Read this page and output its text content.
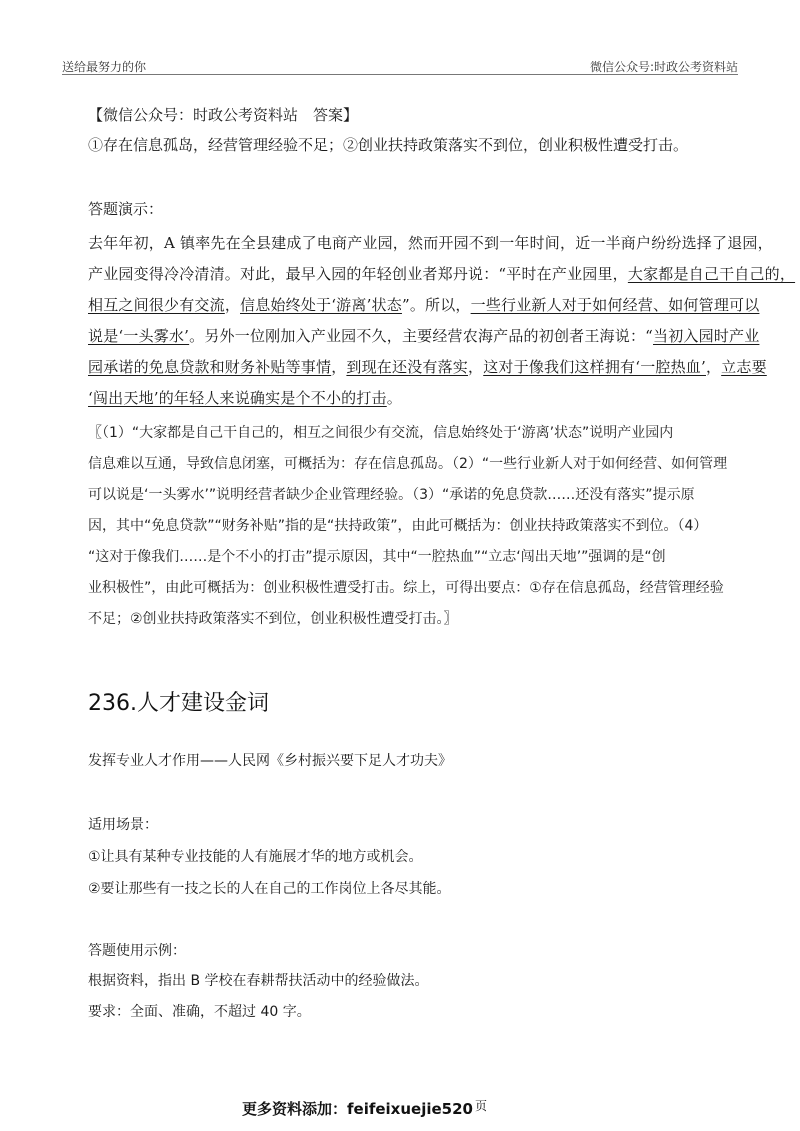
送给最努力的你	微信公众号:时政公考资料站
【微信公众号：时政公考资料站　答案】
①存在信息孤岛，经营管理经验不足；②创业扶持政策落实不到位，创业积极性遭受打击。
答题演示：
去年年初，A 镇率先在全县建成了电商产业园，然而开园不到一年时间，近一半商户纷纷选择了退园，
产业园变得冷冷清清。对此，最早入园的年轻创业者郑丹说：“平时在产业园里，大家都是自己干自己的，
相互之间很少有交流，信息始终处于‘游离’状态”。所以，一些行业新人对于如何经营、如何管理可以
说是‘一头雾水’。另外一位刚加入产业园不久，主要经营农海产品的初创者王海说：“当初入园时产业
园承诺的免息贷款和财务补贴等事情，到现在还没有落实，这对于像我们这样拥有‘一腔热血’，立志要
‘闯出天地’的年轻人来说确实是个不小的打击。
〖（1）“大家都是自己干自己的，相互之间很少有交流，信息始终处于‘游离’状态”说明产业园内
信息难以互通，导致信息闭塞，可概括为：存在信息孤岛。（2）“一些行业新人对于如何经营、如何管理
可以说是‘一头雾水’”说明经营者缺少企业管理经验。（3）“承诺的免息贷款……还没有落实”提示原
因，其中“免息贷款”“财务补贴”指的是“扶持政策”，由此可概括为：创业扶持政策落实不到位。（4）
“这对于像我们……是个不小的打击”提示原因，其中“一腔热血”“立志‘闯出天地’”强调的是“创
业积极性”，由此可概括为：创业积极性遭受打击。综上，可得出要点：①存在信息孤岛，经营管理经验
不足；②创业扶持政策落实不到位，创业积极性遭受打击。〗
236.人才建设金词
发挥专业人才作用——人民网《乡村振兴要下足人才功夫》
适用场景：
①让具有某种专业技能的人有施展才华的地方或机会。
②要让那些有一技之长的人在自己的工作岗位上各尽其能。
答题使用示例：
根据资料，指出 B 学校在春耕帮扶活动中的经验做法。
要求：全面、准确，不超过 40 字。
更多资料添加：feifeixuejie520 $^页$
